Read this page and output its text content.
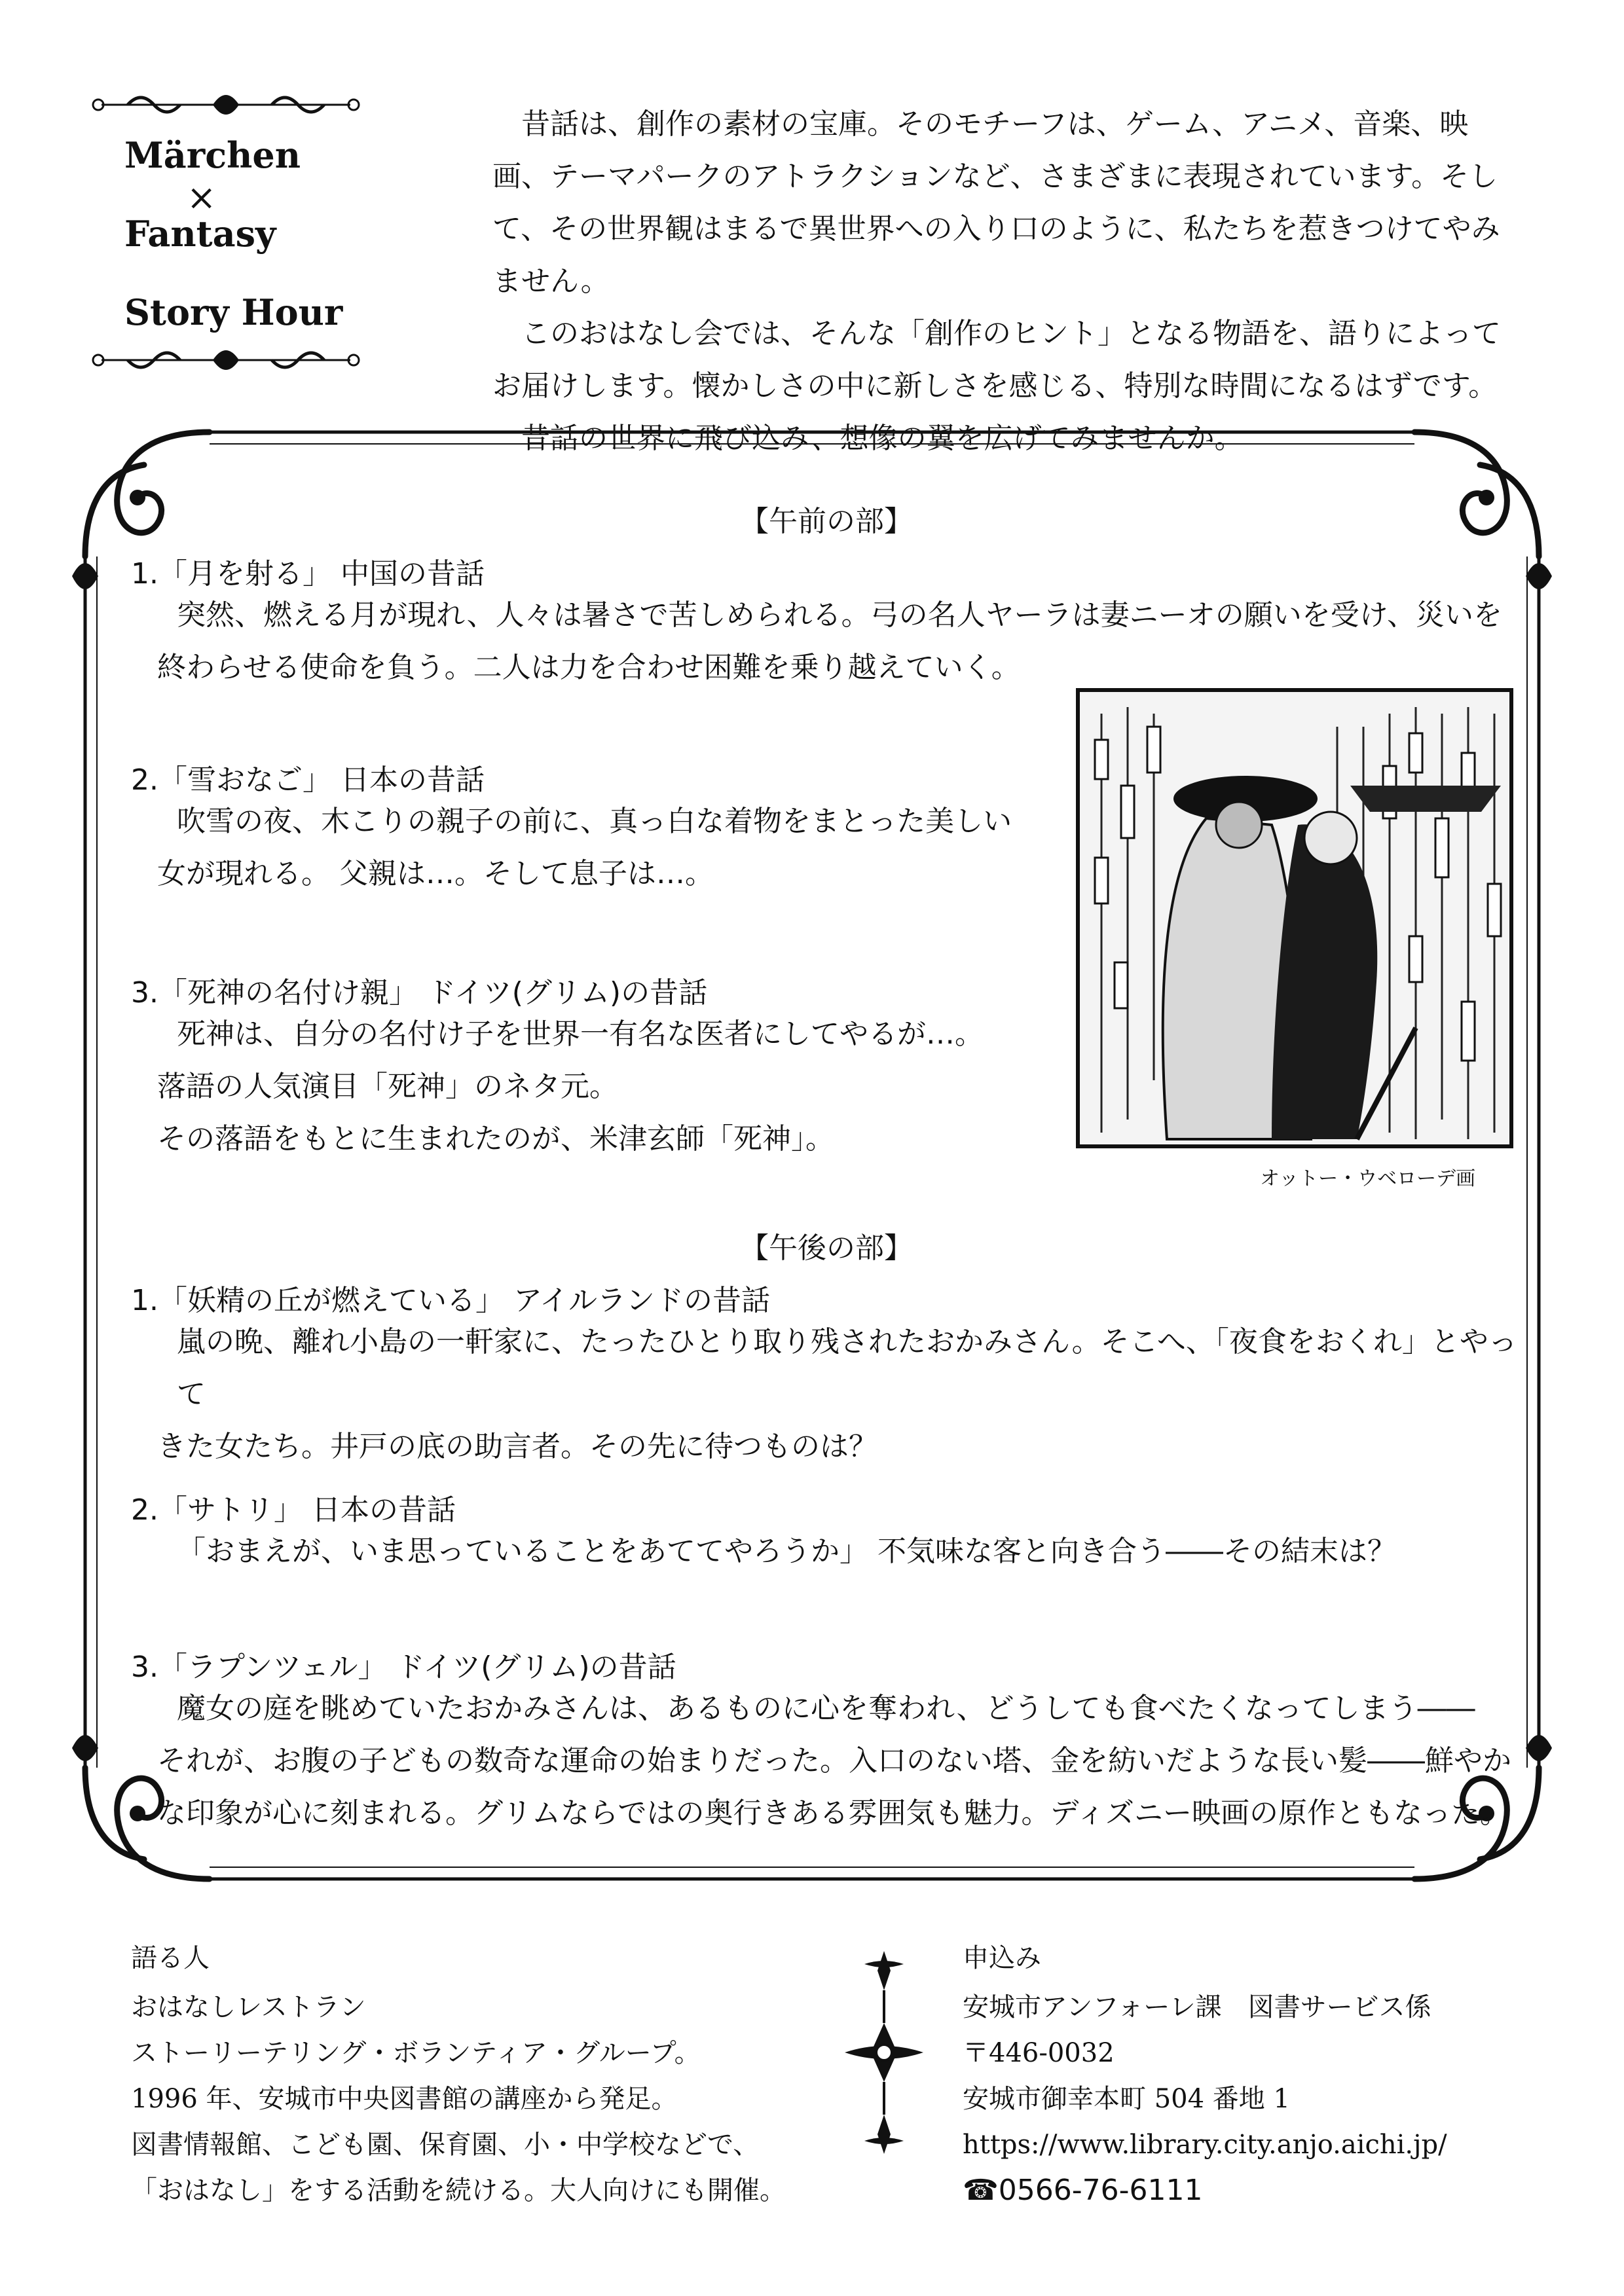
Märchen
×
Fantasy
Story Hour

　昔話は、創作の素材の宝庫。そのモチーフは、ゲーム、アニメ、音楽、映画、テーマパークのアトラクションなど、さまざまに表現されています。そして、その世界観はまるで異世界への入り口のように、私たちを惹きつけてやみません。

　このおはなし会では、そんな「創作のヒント」となる物語を、語りによってお届けします。懐かしさの中に新しさを感じる、特別な時間になるはずです。

　昔話の世界に飛び込み、想像の翼を広げてみませんか。

【午前の部】
1.「月を射る」 中国の昔話

突然、燃える月が現れ、人々は暑さで苦しめられる。弓の名人ヤーラは妻ニーオの願いを受け、災いを

終わらせる使命を負う。二人は力を合わせ困難を乗り越えていく。

2.「雪おなご」 日本の昔話

吹雪の夜、木こりの親子の前に、真っ白な着物をまとった美しい

女が現れる。 父親は…。そして息子は…。

3.「死神の名付け親」 ドイツ(グリム)の昔話

死神は、自分の名付け子を世界一有名な医者にしてやるが…。

落語の人気演目「死神」のネタ元。

その落語をもとに生まれたのが、米津玄師「死神」。

オットー・ウベローデ画
【午後の部】
1.「妖精の丘が燃えている」 アイルランドの昔話

嵐の晩、離れ小島の一軒家に、たったひとり取り残されたおかみさん。そこへ、「夜食をおくれ」とやって

きた女たち。井戸の底の助言者。その先に待つものは？

2.「サトリ」 日本の昔話

「おまえが、いま思っていることをあててやろうか」 不気味な客と向き合う――その結末は？

3.「ラプンツェル」 ドイツ(グリム)の昔話

魔女の庭を眺めていたおかみさんは、あるものに心を奪われ、どうしても食べたくなってしまう――

それが、お腹の子どもの数奇な運命の始まりだった。入口のない塔、金を紡いだような長い髪――鮮やか

な印象が心に刻まれる。グリムならではの奥行きある雰囲気も魅力。ディズニー映画の原作ともなった。

語る人
おはなしレストラン
ストーリーテリング・ボランティア・グループ。
1996 年、安城市中央図書館の講座から発足。
図書情報館、こども園、保育園、小・中学校などで、
「おはなし」をする活動を続ける。大人向けにも開催。
申込み
安城市アンフォーレ課　図書サービス係
〒446-0032
安城市御幸本町 504 番地 1
https://www.library.city.anjo.aichi.jp/
☎0566-76-6111
